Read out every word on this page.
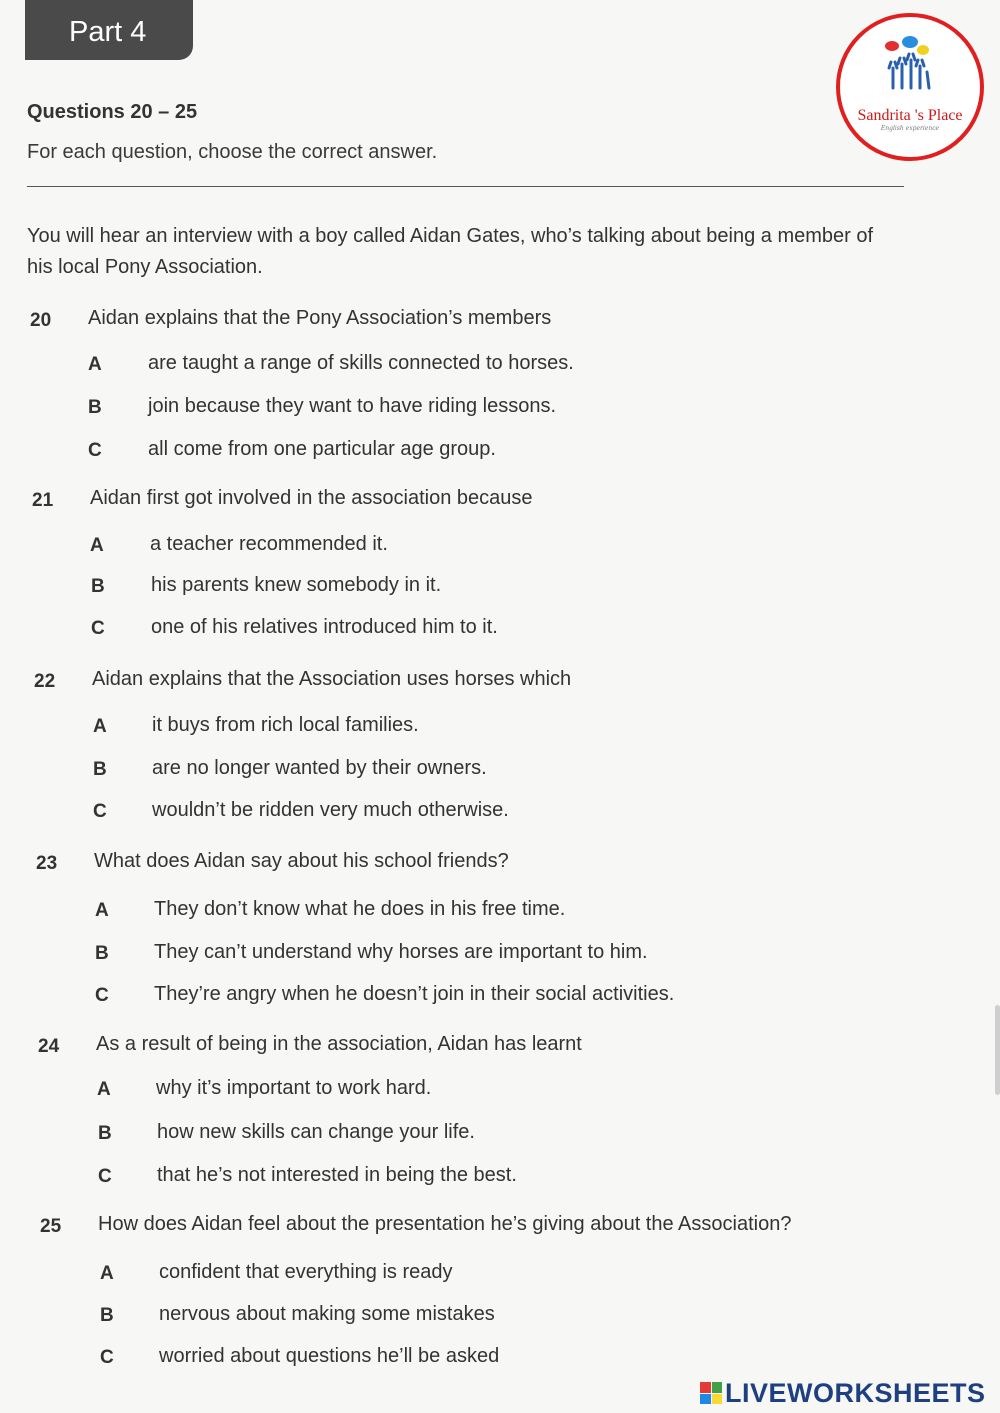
Part 4
Sandrita 's Place
English experience
Questions 20 – 25
For each question, choose the correct answer.
You will hear an interview with a boy called Aidan Gates, who’s talking about being a member of his local Pony Association.
20 Aidan explains that the Pony Association’s members
A are taught a range of skills connected to horses.
B join because they want to have riding lessons.
C all come from one particular age group.
21 Aidan first got involved in the association because
A a teacher recommended it.
B his parents knew somebody in it.
C one of his relatives introduced him to it.
22 Aidan explains that the Association uses horses which
A it buys from rich local families.
B are no longer wanted by their owners.
C wouldn’t be ridden very much otherwise.
23 What does Aidan say about his school friends?
A They don’t know what he does in his free time.
B They can’t understand why horses are important to him.
C They’re angry when he doesn’t join in their social activities.
24 As a result of being in the association, Aidan has learnt
A why it’s important to work hard.
B how new skills can change your life.
C that he’s not interested in being the best.
25 How does Aidan feel about the presentation he’s giving about the Association?
A confident that everything is ready
B nervous about making some mistakes
C worried about questions he’ll be asked
LIVEWORKSHEETS
